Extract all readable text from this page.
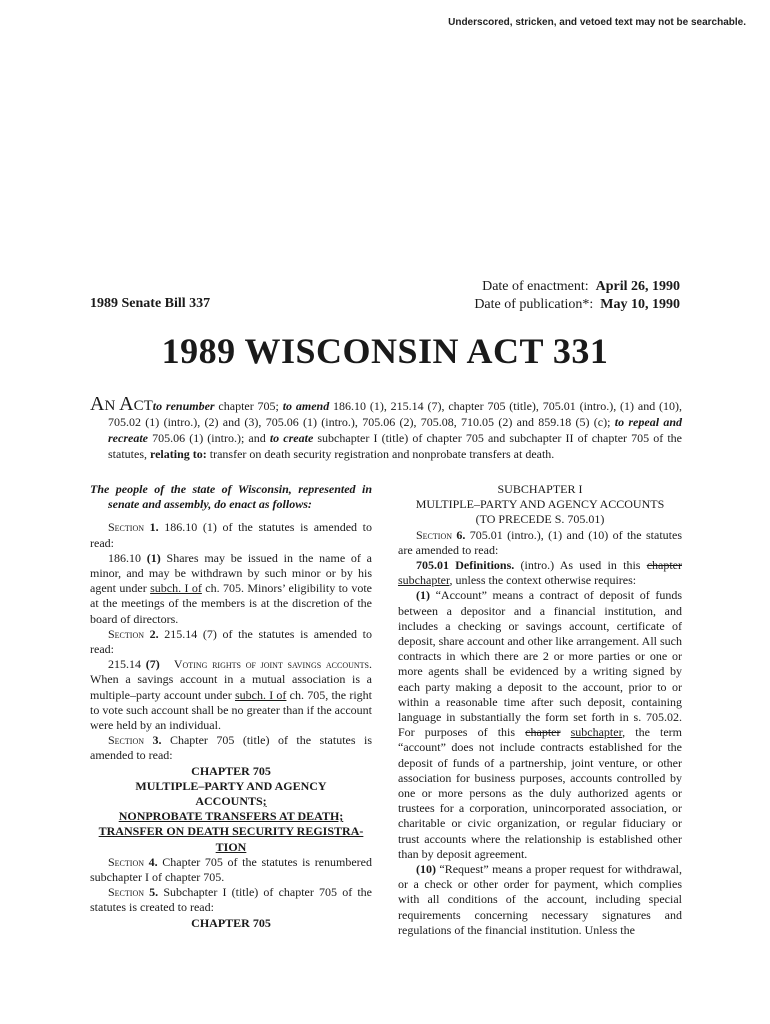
Underscored, stricken, and vetoed text may not be searchable.
1989 Senate Bill 337
Date of enactment: April 26, 1990
Date of publication*: May 10, 1990
1989 WISCONSIN ACT 331
AN ACTto renumber chapter 705; to amend 186.10 (1), 215.14 (7), chapter 705 (title), 705.01 (intro.), (1) and (10), 705.02 (1) (intro.), (2) and (3), 705.06 (1) (intro.), 705.06 (2), 705.08, 710.05 (2) and 859.18 (5) (c); to repeal and recreate 705.06 (1) (intro.); and to create subchapter I (title) of chapter 705 and subchapter II of chapter 705 of the statutes, relating to: transfer on death security registration and nonprobate transfers at death.

The people of the state of Wisconsin, represented in senate and assembly, do enact as follows:

Section 1. 186.10 (1) of the statutes is amended to read:

186.10 (1) Shares may be issued in the name of a minor, and may be withdrawn by such minor or by his agent under subch. I of ch. 705. Minors’ eligibility to vote at the meetings of the members is at the discretion of the board of directors.

Section 2. 215.14 (7) of the statutes is amended to read:

215.14 (7) Voting rights of joint savings accounts. When a savings account in a mutual association is a multiple–party account under subch. I of ch. 705, the right to vote such account shall be no greater than if the account were held by an individual.

Section 3. Chapter 705 (title) of the statutes is amended to read:

CHAPTER 705

MULTIPLE–PARTY AND AGENCY

ACCOUNTS;

NONPROBATE TRANSFERS AT DEATH;

TRANSFER ON DEATH SECURITY REGISTRA-

TION

Section 4. Chapter 705 of the statutes is renumbered subchapter I of chapter 705.

Section 5. Subchapter I (title) of chapter 705 of the statutes is created to read:

CHAPTER 705

SUBCHAPTER I

MULTIPLE–PARTY AND AGENCY ACCOUNTS

(TO PRECEDE S. 705.01)

Section 6. 705.01 (intro.), (1) and (10) of the statutes are amended to read:

705.01 Definitions. (intro.) As used in this chapter subchapter, unless the context otherwise requires:

(1) “Account” means a contract of deposit of funds between a depositor and a financial institution, and includes a checking or savings account, certificate of deposit, share account and other like arrangement. All such contracts in which there are 2 or more parties or one or more agents shall be evidenced by a writing signed by each party making a deposit to the account, prior to or within a reasonable time after such deposit, containing language in substantially the form set forth in s. 705.02. For purposes of this chapter subchapter, the term “account” does not include contracts established for the deposit of funds of a partnership, joint venture, or other association for business purposes, accounts controlled by one or more persons as the duly authorized agents or trustees for a corporation, unincorporated association, or charitable or civic organization, or regular fiduciary or trust accounts where the relationship is established other than by deposit agreement.

(10) “Request” means a proper request for withdrawal, or a check or other order for payment, which complies with all conditions of the account, including special requirements concerning necessary signatures and regulations of the financial institution. Unless the
